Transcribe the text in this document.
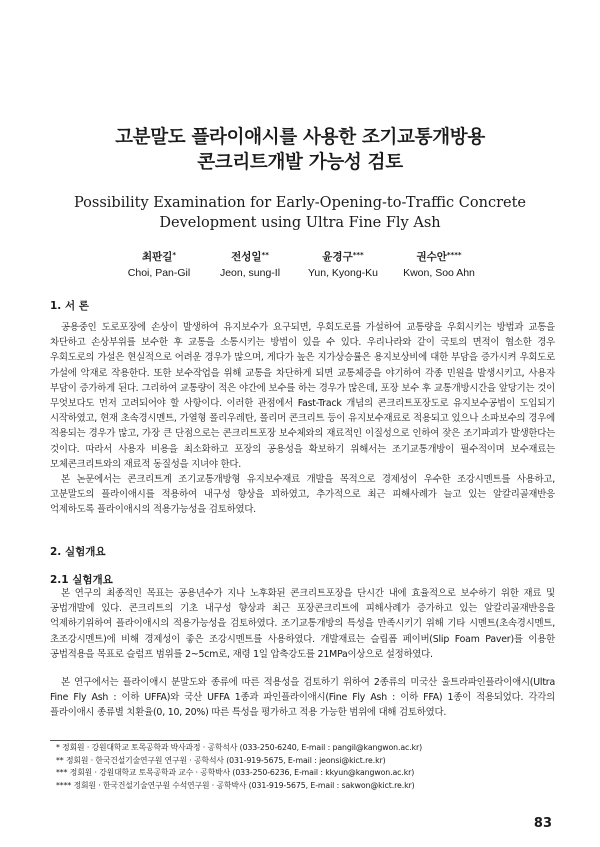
고분말도 플라이애시를 사용한 조기교통개방용
콘크리트개발 가능성 검토
Possibility Examination for Early-Opening-to-Traffic Concrete
Development using Ultra Fine Fly Ash
최판길*
Choi, Pan-Gil
전성일**
Jeon, sung-Il
윤경구***
Yun, Kyong-Ku
권수안****
Kwon, Soo Ahn
1. 서 론

공용중인 도로포장에 손상이 발생하여 유지보수가 요구되면, 우회도로를 가설하여 교통량을 우회시키는 방법과 교통을 차단하고 손상부위를 보수한 후 교통을 소통시키는 방법이 있을 수 있다. 우리나라와 같이 국토의 면적이 협소한 경우 우회도로의 가설은 현실적으로 어려운 경우가 많으며, 게다가 높은 지가상승률은 용지보상비에 대한 부담을 증가시켜 우회도로 가설에 악재로 작용한다. 또한 보수작업을 위해 교통을 차단하게 되면 교통체증을 야기하여 각종 민원을 발생시키고, 사용자 부담이 증가하게 된다. 그리하여 교통량이 적은 야간에 보수를 하는 경우가 많은데, 포장 보수 후 교통개방시간을 앞당기는 것이 무엇보다도 먼저 고려되어야 할 사항이다. 이러한 관점에서 Fast-Track 개념의 콘크리트포장도로 유지보수공법이 도입되기 시작하였고, 현재 초속경시멘트, 가열형 폴리우레탄, 폴리머 콘크리트 등이 유지보수재료로 적용되고 있으나 소파보수의 경우에 적용되는 경우가 많고, 가장 큰 단점으로는 콘크리트포장 보수체와의 재료적인 이질성으로 인하여 잦은 조기파괴가 발생한다는 것이다. 따라서 사용자 비용을 최소화하고 포장의 공용성을 확보하기 위해서는 조기교통개방이 필수적이며 보수재료는 모체콘크리트와의 재료적 동질성을 지녀야 한다.

본 논문에서는 콘크리트계 조기교통개방형 유지보수재료 개발을 목적으로 경제성이 우수한 조강시멘트를 사용하고, 고분말도의 플라이애시를 적용하여 내구성 향상을 꾀하였고, 추가적으로 최근 피해사례가 늘고 있는 알칼리골재반응 억제하도록 플라이애시의 적용가능성을 검토하였다.

2. 실험개요
2.1 실험개요

본 연구의 최종적인 목표는 공용년수가 지나 노후화된 콘크리트포장을 단시간 내에 효율적으로 보수하기 위한 재료 및 공법개발에 있다. 콘크리트의 기초 내구성 향상과 최근 포장콘크리트에 피해사례가 증가하고 있는 알칼리골재반응을 억제하기위하여 플라이애시의 적용가능성을 검토하였다. 조기교통개방의 특성을 만족시키기 위해 기타 시멘트(초속경시멘트, 초조강시멘트)에 비해 경제성이 좋은 조강시멘트를 사용하였다. 개발재료는 슬립폼 페이버(Slip Foam Paver)를 이용한 공법적용을 목표로 슬럼프 범위를 2~5cm로, 재령 1일 압축강도를 21MPa이상으로 설정하였다.

본 연구에서는 플라이애시 분말도와 종류에 따른 적용성을 검토하기 위하여 2종류의 미국산 울트라파인플라이애시(Ultra Fine Fly Ash : 이하 UFFA)와 국산 UFFA 1종과 파인플라이애시(Fine Fly Ash : 이하 FFA) 1종이 적용되었다. 각각의 플라이애시 종류별 치환율(0, 10, 20%) 따른 특성을 평가하고 적용 가능한 범위에 대해 검토하였다.

* 정회원 · 강원대학교 토목공학과 박사과정 · 공학석사 (033-250-6240, E-mail : pangil@kangwon.ac.kr)
** 정회원 · 한국건설기술연구원 연구원 · 공학석사 (031-919-5675, E-mail : jeonsi@kict.re.kr)
*** 정회원 · 강원대학교 토목공학과 교수 · 공학박사 (033-250-6236, E-mail : kkyun@kangwon.ac.kr)
**** 정회원 · 한국건설기술연구원 수석연구원 · 공학박사 (031-919-5675, E-mail : sakwon@kict.re.kr)
83
